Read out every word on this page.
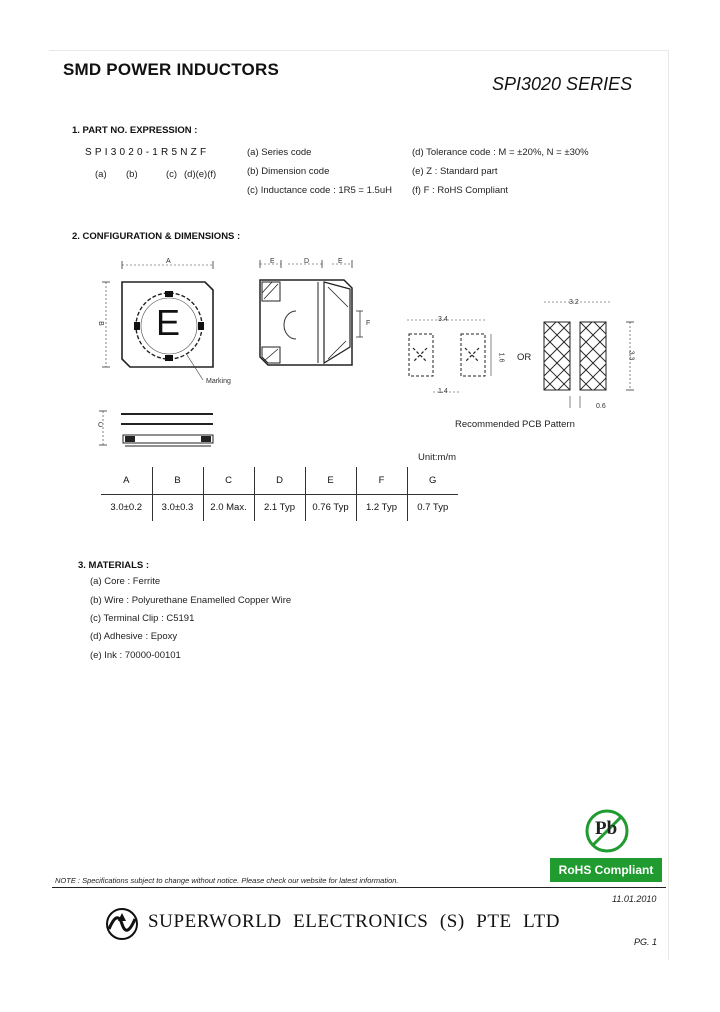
SMD POWER INDUCTORS
SPI3020 SERIES
1. PART NO. EXPRESSION :
SPI3020-1R5NZF
(a) (b)	(c) (d)(e)(f)
(a) Series code
(b) Dimension code
(c) Inductance code : 1R5 = 1.5uH
(d) Tolerance code : M = ±20%, N = ±30%
(e) Z : Standard part
(f) F : RoHS Compliant
2. CONFIGURATION & DIMENSIONS :
A
B E
Marking
E	D	E
F
C
3.4
1.6
1.4
OR
3.2
3.3
0.6
Recommended PCB Pattern
Unit:m/m
A	B	C	D	E	F	G
3.0±0.2	3.0±0.3	2.0 Max.	2.1 Typ	0.76 Typ	1.2 Typ	0.7 Typ
3. MATERIALS :
(a) Core : Ferrite
(b) Wire : Polyurethane Enamelled Copper Wire
(c) Terminal Clip : C5191
(d) Adhesive : Epoxy
(e) Ink : 70000-00101
Pb
RoHS Compliant
NOTE : Specifications subject to change without notice. Please check our website for latest information.
11.01.2010
SUPERWORLD ELECTRONICS (S) PTE LTD
PG. 1
